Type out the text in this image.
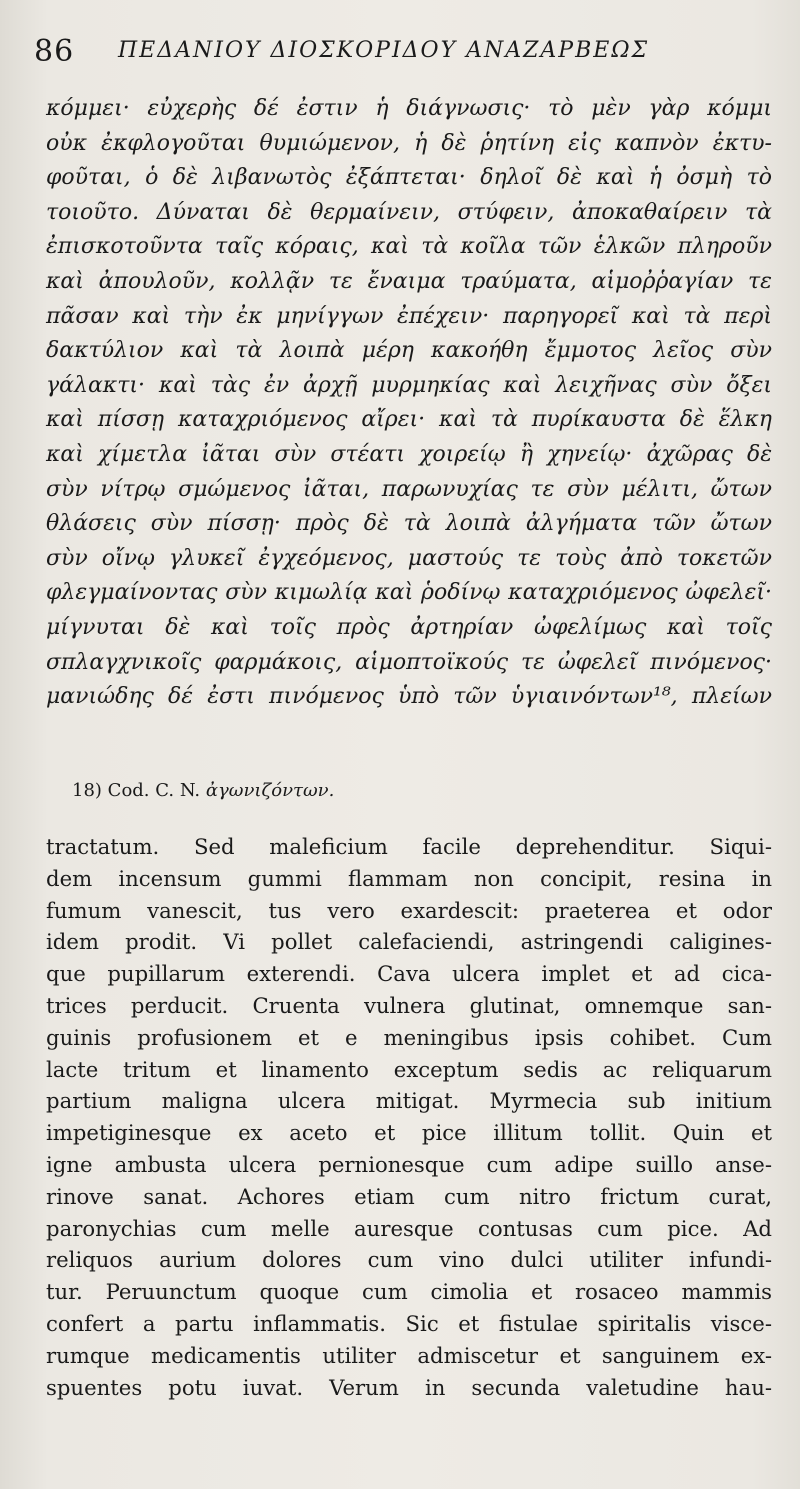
86 ΠΕΔΑΝΙΟΥ ΔΙΟΣΚΟΡΙΔΟΥ ΑΝΑΖΑΡΒΕΩΣ
κόμμει· εὐχερὴς δέ ἐστιν ἡ διάγνωσις· τὸ μὲν γὰρ κόμμι
οὐκ ἐκφλογοῦται θυμιώμενον, ἡ δὲ ῥητίνη εἰς καπνὸν ἐκτυ-
φοῦται, ὁ δὲ λιβανωτὸς ἐξάπτεται· δηλοῖ δὲ καὶ ἡ ὀσμὴ τὸ
τοιοῦτο. Δύναται δὲ θερμαίνειν, στύφειν, ἀποκαθαίρειν τὰ
ἐπισκοτοῦντα ταῖς κόραις, καὶ τὰ κοῖλα τῶν ἑλκῶν πληροῦν
καὶ ἀπουλοῦν, κολλᾷν τε ἔναιμα τραύματα, αἱμοῤῥαγίαν τε
πᾶσαν καὶ τὴν ἐκ μηνίγγων ἐπέχειν· παρηγορεῖ καὶ τὰ περὶ
δακτύλιον καὶ τὰ λοιπὰ μέρη κακοήθη ἔμμοτος λεῖος σὺν
γάλακτι· καὶ τὰς ἐν ἀρχῇ μυρμηκίας καὶ λειχῆνας σὺν ὄξει
καὶ πίσσῃ καταχριόμενος αἴρει· καὶ τὰ πυρίκαυστα δὲ ἕλκη
καὶ χίμετλα ἰᾶται σὺν στέατι χοιρείῳ ἢ χηνείῳ· ἀχῶρας δὲ
σὺν νίτρῳ σμώμενος ἰᾶται, παρωνυχίας τε σὺν μέλιτι, ὤτων
θλάσεις σὺν πίσσῃ· πρὸς δὲ τὰ λοιπὰ ἀλγήματα τῶν ὤτων
σὺν οἴνῳ γλυκεῖ ἐγχεόμενος, μαστούς τε τοὺς ἀπὸ τοκετῶν
φλεγμαίνοντας σὺν κιμωλίᾳ καὶ ῥοδίνῳ καταχριόμενος ὠφελεῖ·
μίγνυται δὲ καὶ τοῖς πρὸς ἀρτηρίαν ὠφελίμως καὶ τοῖς
σπλαγχνικοῖς φαρμάκοις, αἱμοπτοϊκούς τε ὠφελεῖ πινόμενος·
μανιώδης δέ ἐστι πινόμενος ὑπὸ τῶν ὑγιαινόντων¹⁸, πλείων
18) Cod. C. N. ἀγωνιζόντων.
tractatum. Sed maleficium facile deprehenditur. Siqui-
dem incensum gummi flammam non concipit, resina in
fumum vanescit, tus vero exardescit: praeterea et odor
idem prodit. Vi pollet calefaciendi, astringendi caligines-
que pupillarum exterendi. Cava ulcera implet et ad cica-
trices perducit. Cruenta vulnera glutinat, omnemque san-
guinis profusionem et e meningibus ipsis cohibet. Cum
lacte tritum et linamento exceptum sedis ac reliquarum
partium maligna ulcera mitigat. Myrmecia sub initium
impetiginesque ex aceto et pice illitum tollit. Quin et
igne ambusta ulcera pernionesque cum adipe suillo anse-
rinove sanat. Achores etiam cum nitro frictum curat,
paronychias cum melle auresque contusas cum pice. Ad
reliquos aurium dolores cum vino dulci utiliter infundi-
tur. Peruunctum quoque cum cimolia et rosaceo mammis
confert a partu inflammatis. Sic et fistulae spiritalis visce-
rumque medicamentis utiliter admiscetur et sanguinem ex-
spuentes potu iuvat. Verum in secunda valetudine hau-
